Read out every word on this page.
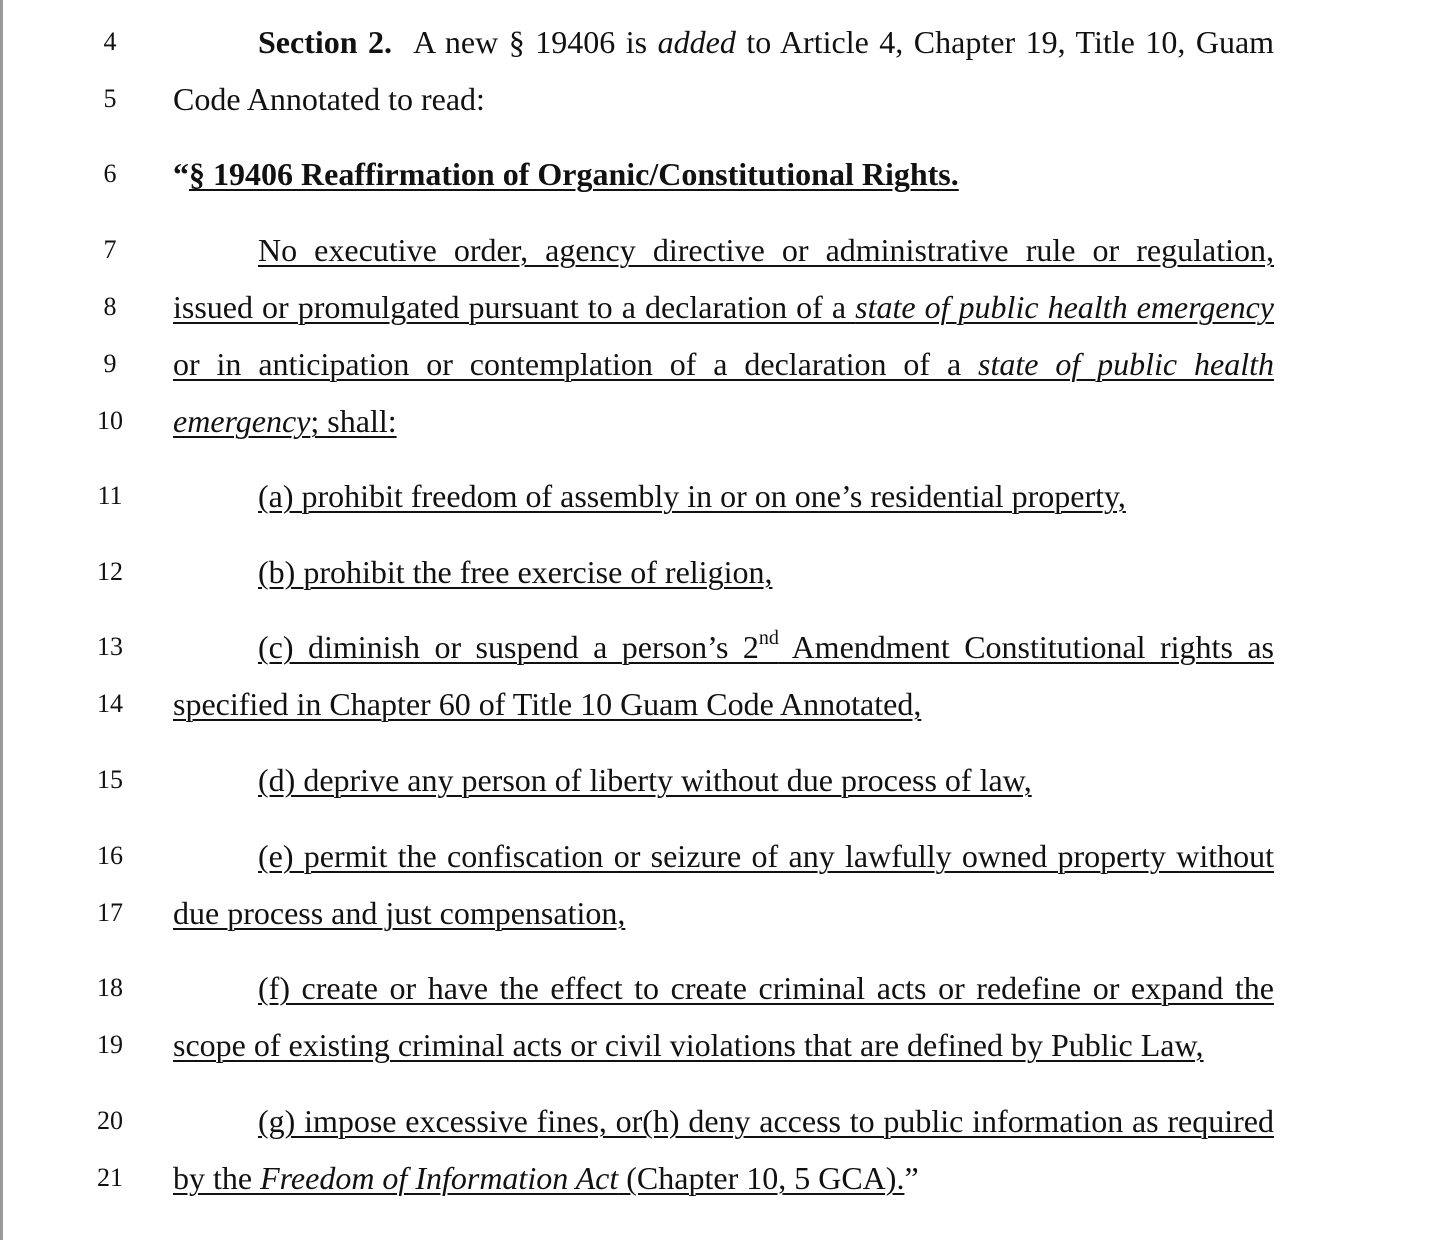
4
5
6
7
8
9
10
11
12
13
14
15
16
17
18
19
20
21
Section 2. A new § 19406 is added to Article 4, Chapter 19, Title 10, Guam
Code Annotated to read:
“§ 19406 Reaffirmation of Organic/Constitutional Rights.
No executive order, agency directive or administrative rule or regulation,
issued or promulgated pursuant to a declaration of a state of public health emergency
or in anticipation or contemplation of a declaration of a state of public health
emergency; shall:
(a) prohibit freedom of assembly in or on one’s residential property,
(b) prohibit the free exercise of religion,
(c) diminish or suspend a person’s 2nd Amendment Constitutional rights as
specified in Chapter 60 of Title 10 Guam Code Annotated,
(d) deprive any person of liberty without due process of law,
(e) permit the confiscation or seizure of any lawfully owned property without
due process and just compensation,
(f) create or have the effect to create criminal acts or redefine or expand the
scope of existing criminal acts or civil violations that are defined by Public Law,
(g) impose excessive fines, or(h) deny access to public information as required
by the Freedom of Information Act (Chapter 10, 5 GCA).”
